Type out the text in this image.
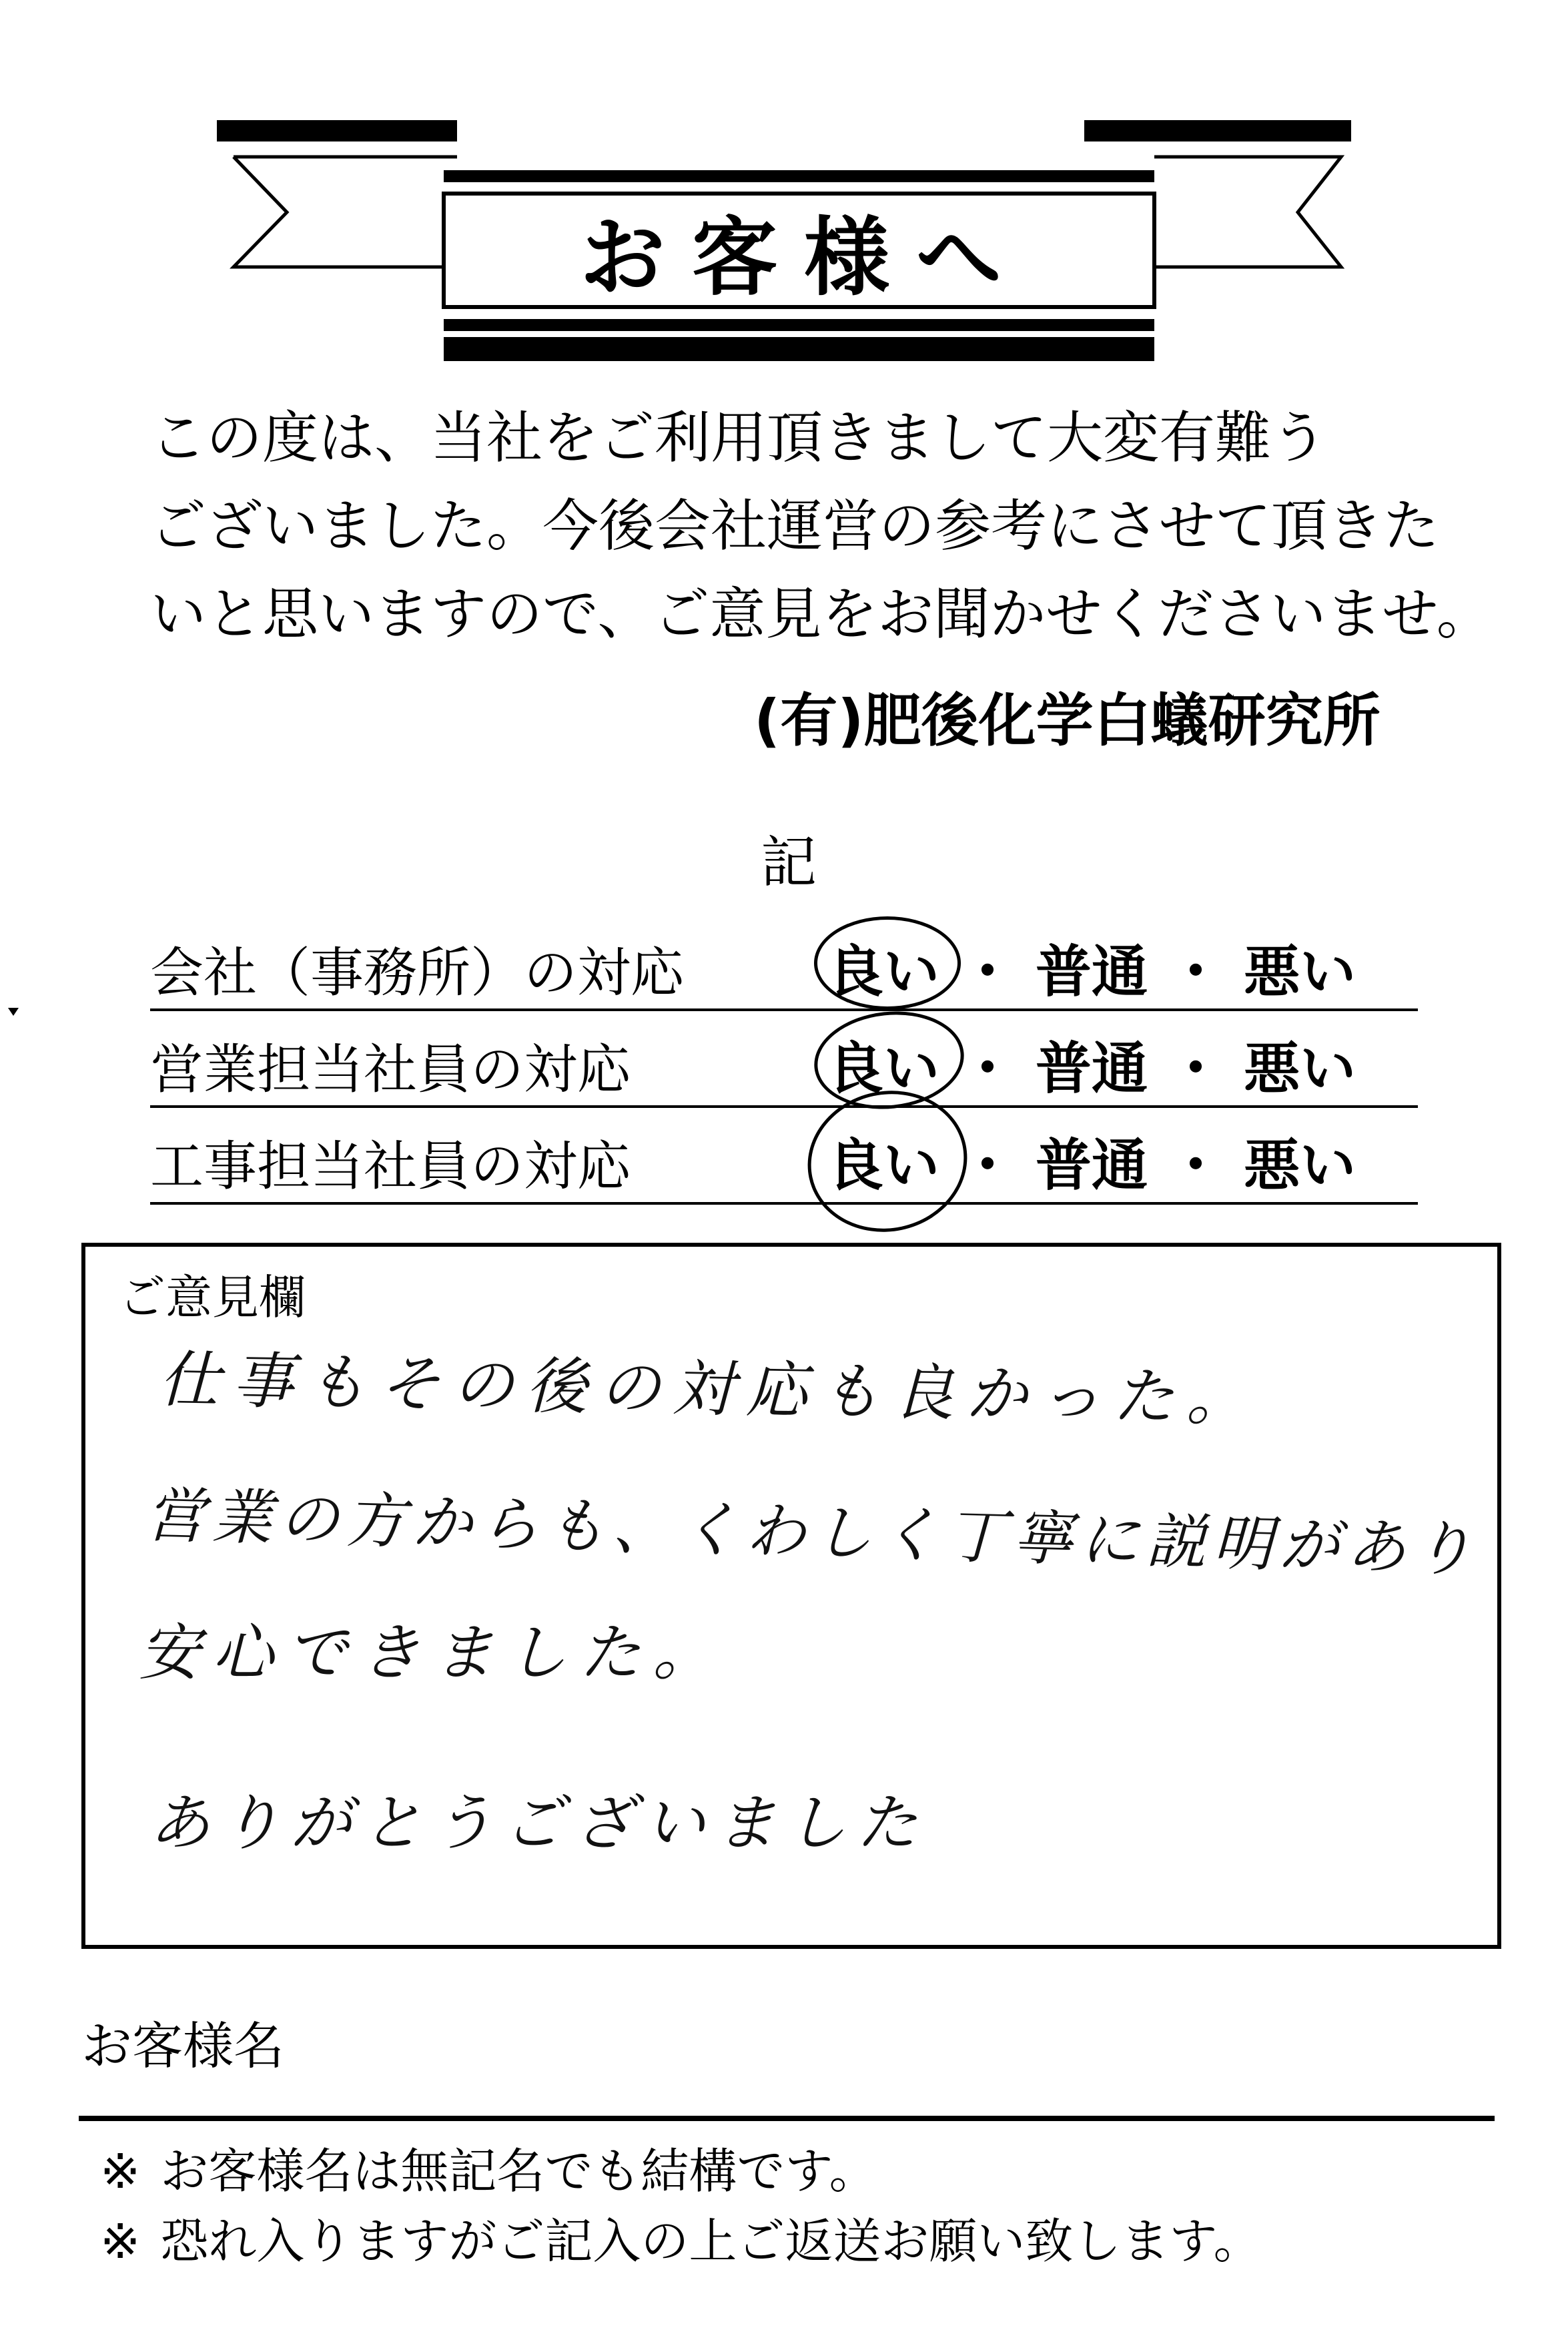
お客様へ
この度は、当社をご利用頂きまして大変有難う
ございました。今後会社運営の参考にさせて頂きた
いと思いますので、ご意見をお聞かせくださいませ。
(有)肥後化学白蟻研究所
記
会社（事務所）の対応	良い ・ 普通 ・ 悪い
営業担当社員の対応	良い ・ 普通 ・ 悪い
工事担当社員の対応	良い ・ 普通 ・ 悪い
ご意見欄
仕事もその後の対応も良かった。
営業の方からも、くわしく丁寧に説明があり
安心できました。
ありがとうございました
お客様名
※ お客様名は無記名でも結構です。
※ 恐れ入りますがご記入の上ご返送お願い致します。
